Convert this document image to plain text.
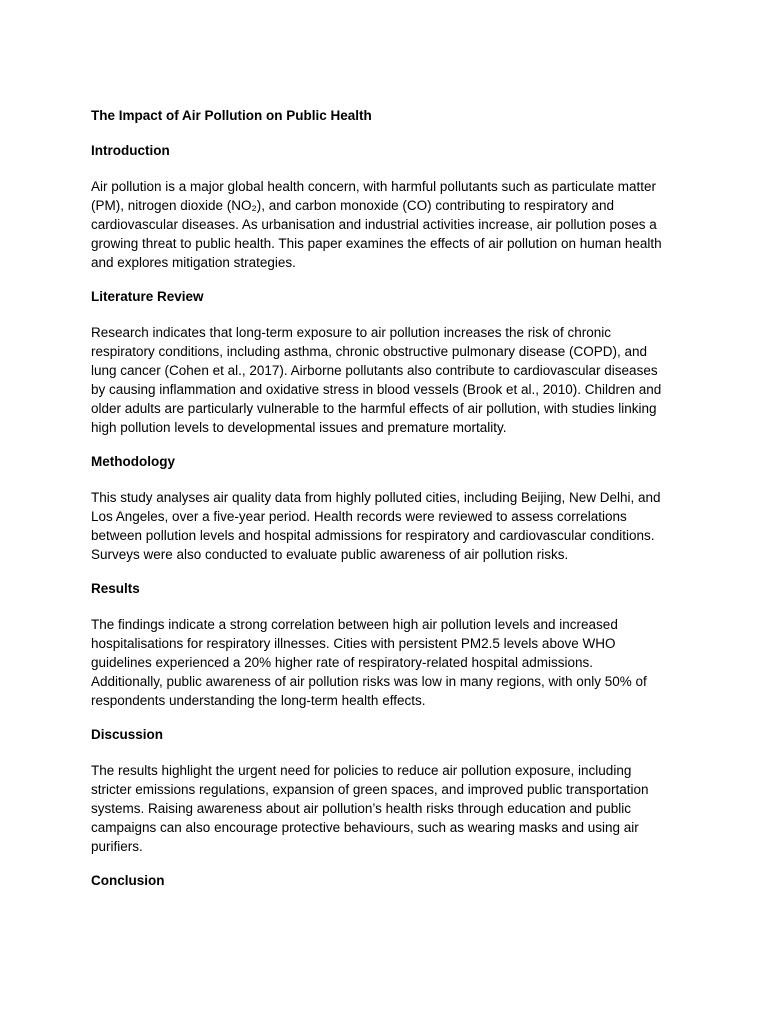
The Impact of Air Pollution on Public Health
Introduction
Air pollution is a major global health concern, with harmful pollutants such as particulate matter
(PM), nitrogen dioxide (NO₂), and carbon monoxide (CO) contributing to respiratory and
cardiovascular diseases. As urbanisation and industrial activities increase, air pollution poses a
growing threat to public health. This paper examines the effects of air pollution on human health
and explores mitigation strategies.
Literature Review
Research indicates that long-term exposure to air pollution increases the risk of chronic
respiratory conditions, including asthma, chronic obstructive pulmonary disease (COPD), and
lung cancer (Cohen et al., 2017). Airborne pollutants also contribute to cardiovascular diseases
by causing inflammation and oxidative stress in blood vessels (Brook et al., 2010). Children and
older adults are particularly vulnerable to the harmful effects of air pollution, with studies linking
high pollution levels to developmental issues and premature mortality.
Methodology
This study analyses air quality data from highly polluted cities, including Beijing, New Delhi, and
Los Angeles, over a five-year period. Health records were reviewed to assess correlations
between pollution levels and hospital admissions for respiratory and cardiovascular conditions.
Surveys were also conducted to evaluate public awareness of air pollution risks.
Results
The findings indicate a strong correlation between high air pollution levels and increased
hospitalisations for respiratory illnesses. Cities with persistent PM2.5 levels above WHO
guidelines experienced a 20% higher rate of respiratory-related hospital admissions.
Additionally, public awareness of air pollution risks was low in many regions, with only 50% of
respondents understanding the long-term health effects.
Discussion
The results highlight the urgent need for policies to reduce air pollution exposure, including
stricter emissions regulations, expansion of green spaces, and improved public transportation
systems. Raising awareness about air pollution’s health risks through education and public
campaigns can also encourage protective behaviours, such as wearing masks and using air
purifiers.
Conclusion
